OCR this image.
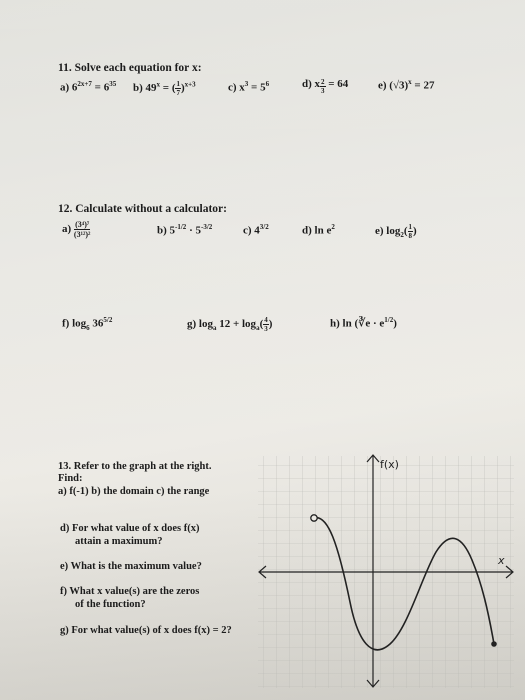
11. Solve each equation for x:
a) $6^{2x+7} = 6^{35}$ b) $49^x$ = ( $\frac{1}{7} )^{x+3}$	c) $x^3 = 5^6$	d) x $\frac{2}{3} = 64$	e) $(√3)^x = 27$
12. Calculate without a calculator:
$a) \frac{\text{(3⁴)⁷}}{\text{(3¹²)²}}$	b) $5^{-1/2} \cdot 5^{-3/2}$	c) $4^{3/2}$	d) $\ln e^2$	e) $\log_2( \frac{1}{8}$ )
f) $\log_6 36^{5/2}$	g) $\log_a 12 + \log_a( \frac{4}{3}$ )	h) ln (∛e · $e^{1/2}$)
13. Refer to the graph at the right.
Find:
a) f(-1) b) the domain c) the range
d) For what value of x does f(x)
attain a maximum?
e) What is the maximum value?
f) What x value(s) are the zeros
of the function?
g) For what value(s) of x does f(x) = 2?
f(x)
x
